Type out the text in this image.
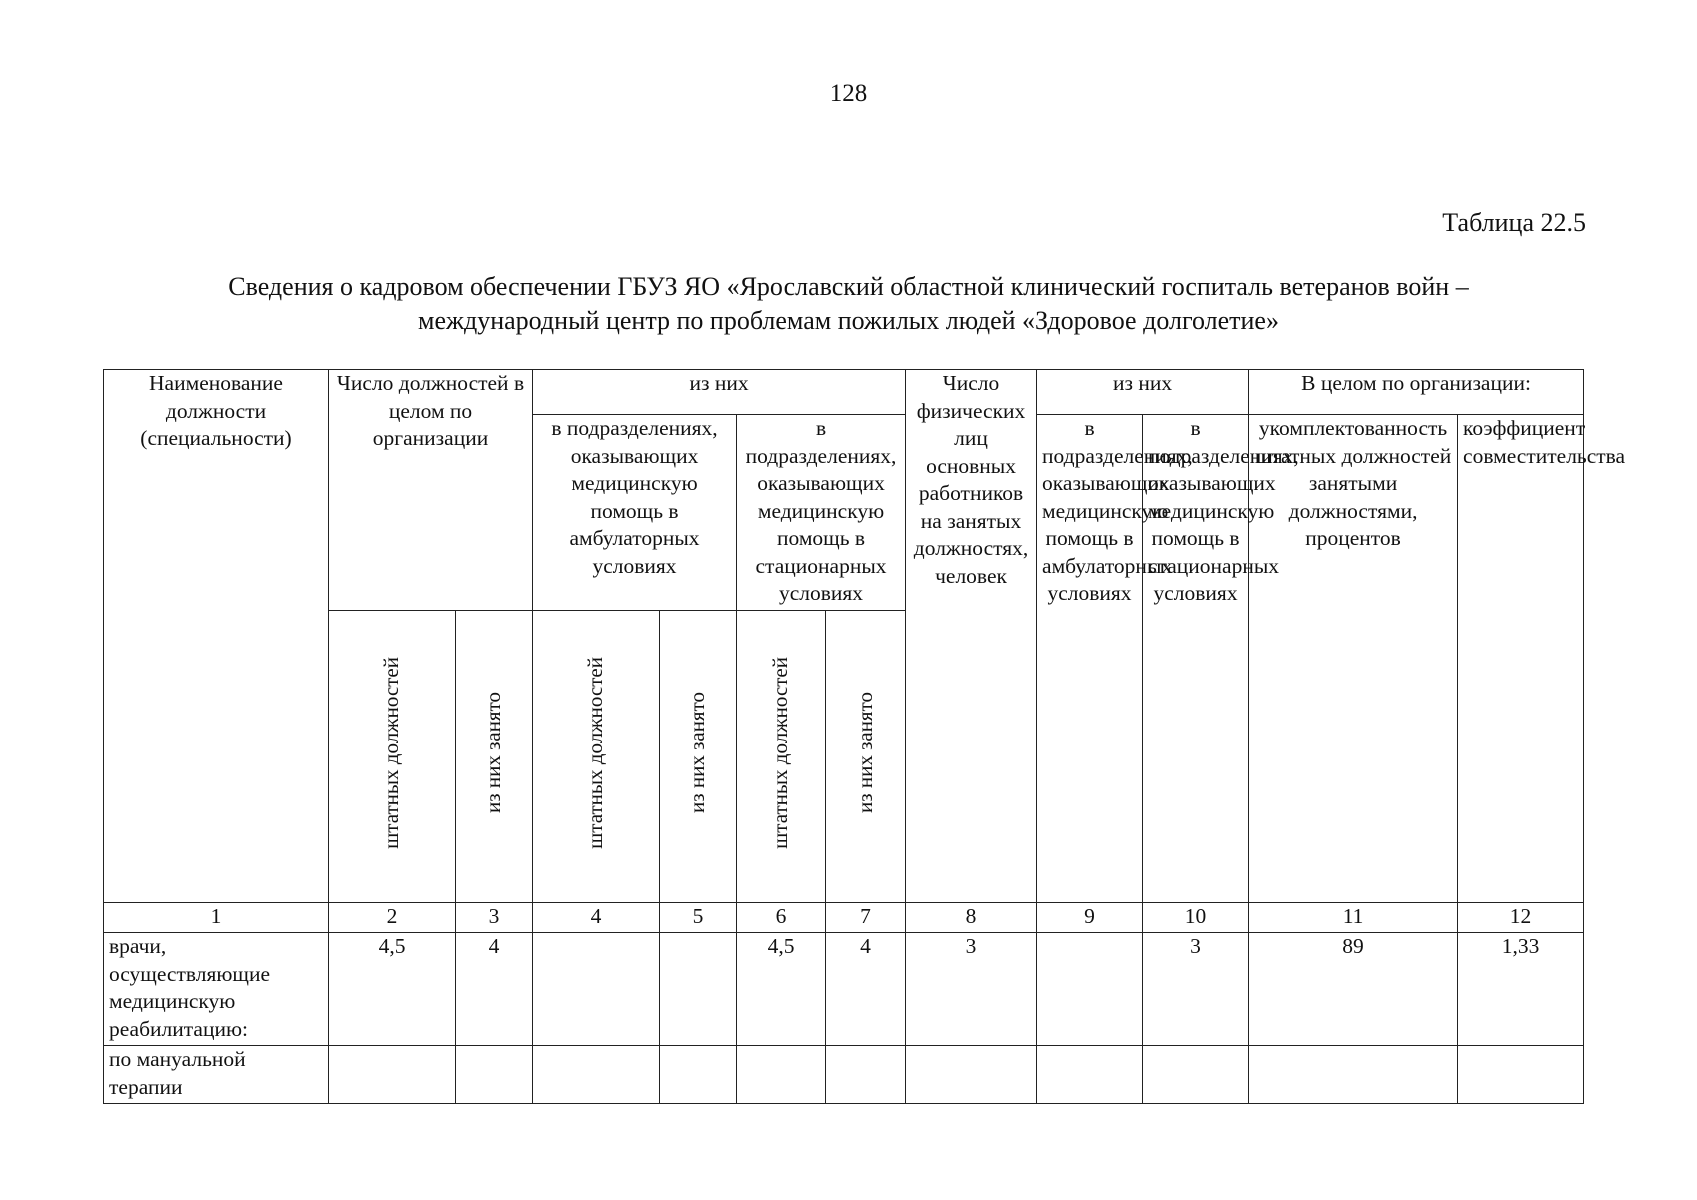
128
Таблица 22.5
Сведения о кадровом обеспечении ГБУЗ ЯО «Ярославский областной клинический госпиталь ветеранов войн –
международный центр по проблемам пожилых людей «Здоровое долголетие»
Наименование должности (специальности)	Число должностей в целом по организации		из них				Число физических лиц основных работников на занятых должностях, человек	из них		В целом по организации:	
			в подразделениях, оказывающих медицинскую помощь в амбулаторных условиях		в подразделениях, оказывающих медицинскую помощь в стационарных условиях			в подразделениях, оказывающих медицинскую помощь в амбулаторных условиях	в подразделениях, оказывающих медицинскую помощь в стационарных условиях	укомплектованность штатных должностей занятыми должностями, процентов	коэффициент совместительства
	штатных должностей	из них занято	штатных должностей	из них занято	штатных должностей	из них занято					
1	2	3	4	5	6	7	8	9	10	11	12
врачи, осуществляющие медицинскую реабилитацию:	4,5	4			4,5	4	3		3	89	1,33
по мануальной терапии											
